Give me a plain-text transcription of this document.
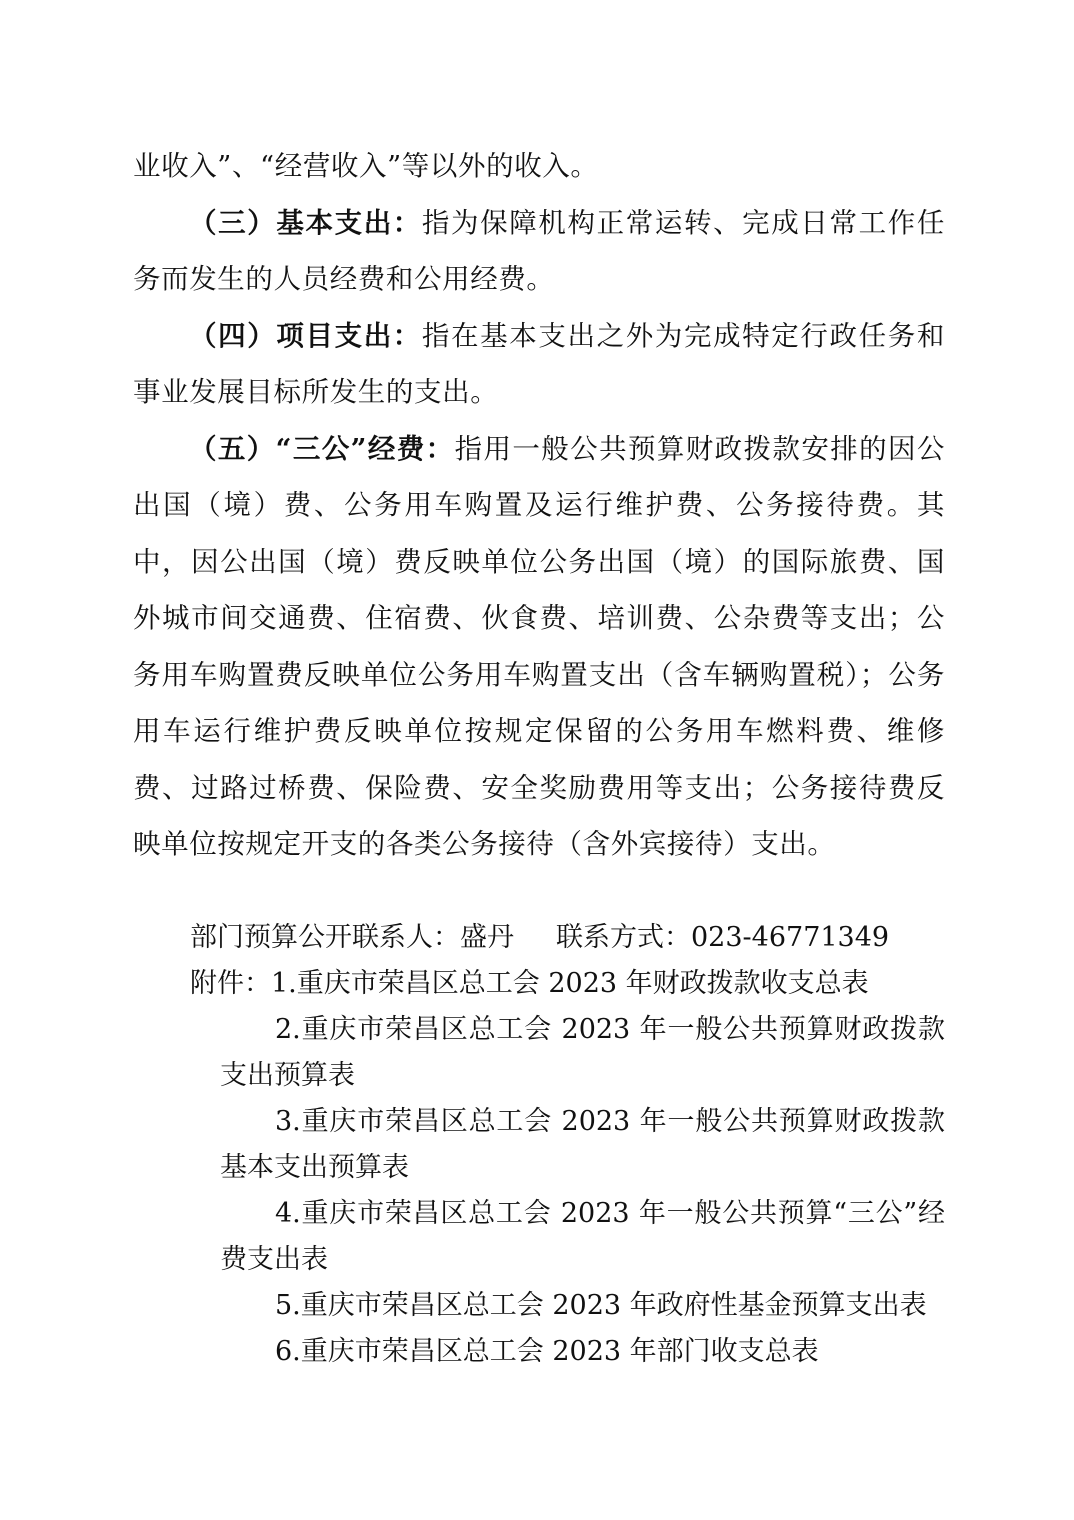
业收入”、“经营收入”等以外的收入。

（三）基本支出：指为保障机构正常运转、完成日常工作任务而发生的人员经费和公用经费。

（四）项目支出：指在基本支出之外为完成特定行政任务和事业发展目标所发生的支出。

（五）“三公”经费：指用一般公共预算财政拨款安排的因公出国（境）费、公务用车购置及运行维护费、公务接待费。其中，因公出国（境）费反映单位公务出国（境）的国际旅费、国外城市间交通费、住宿费、伙食费、培训费、公杂费等支出；公务用车购置费反映单位公务用车购置支出（含车辆购置税）；公务用车运行维护费反映单位按规定保留的公务用车燃料费、维修费、过路过桥费、保险费、安全奖励费用等支出；公务接待费反映单位按规定开支的各类公务接待（含外宾接待）支出。

部门预算公开联系人：盛丹 联系方式：023-46771349

附件：1.重庆市荣昌区总工会 2023 年财政拨款收支总表

2.重庆市荣昌区总工会 2023 年一般公共预算财政拨款支出预算表

3.重庆市荣昌区总工会 2023 年一般公共预算财政拨款基本支出预算表

4.重庆市荣昌区总工会 2023 年一般公共预算“三公”经费支出表

5.重庆市荣昌区总工会 2023 年政府性基金预算支出表

6.重庆市荣昌区总工会 2023 年部门收支总表
